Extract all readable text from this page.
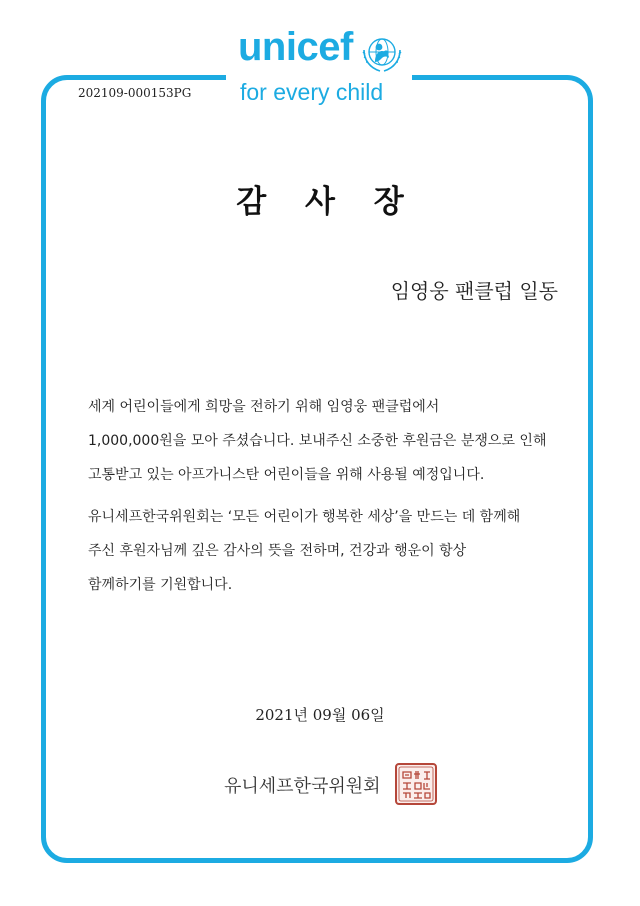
unicef
for every child
202109-000153PG
감 사 장
임영웅 팬클럽 일동

세계 어린이들에게 희망을 전하기 위해 임영웅 팬클럽에서
1,000,000원을 모아 주셨습니다. 보내주신 소중한 후원금은 분쟁으로 인해
고통받고 있는 아프가니스탄 어린이들을 위해 사용될 예정입니다.

유니세프한국위원회는 ‘모든 어린이가 행복한 세상’을 만드는 데 함께해
주신 후원자님께 깊은 감사의 뜻을 전하며, 건강과 행운이 항상
함께하기를 기원합니다.

2021년 09월 06일
유니세프한국위원회
